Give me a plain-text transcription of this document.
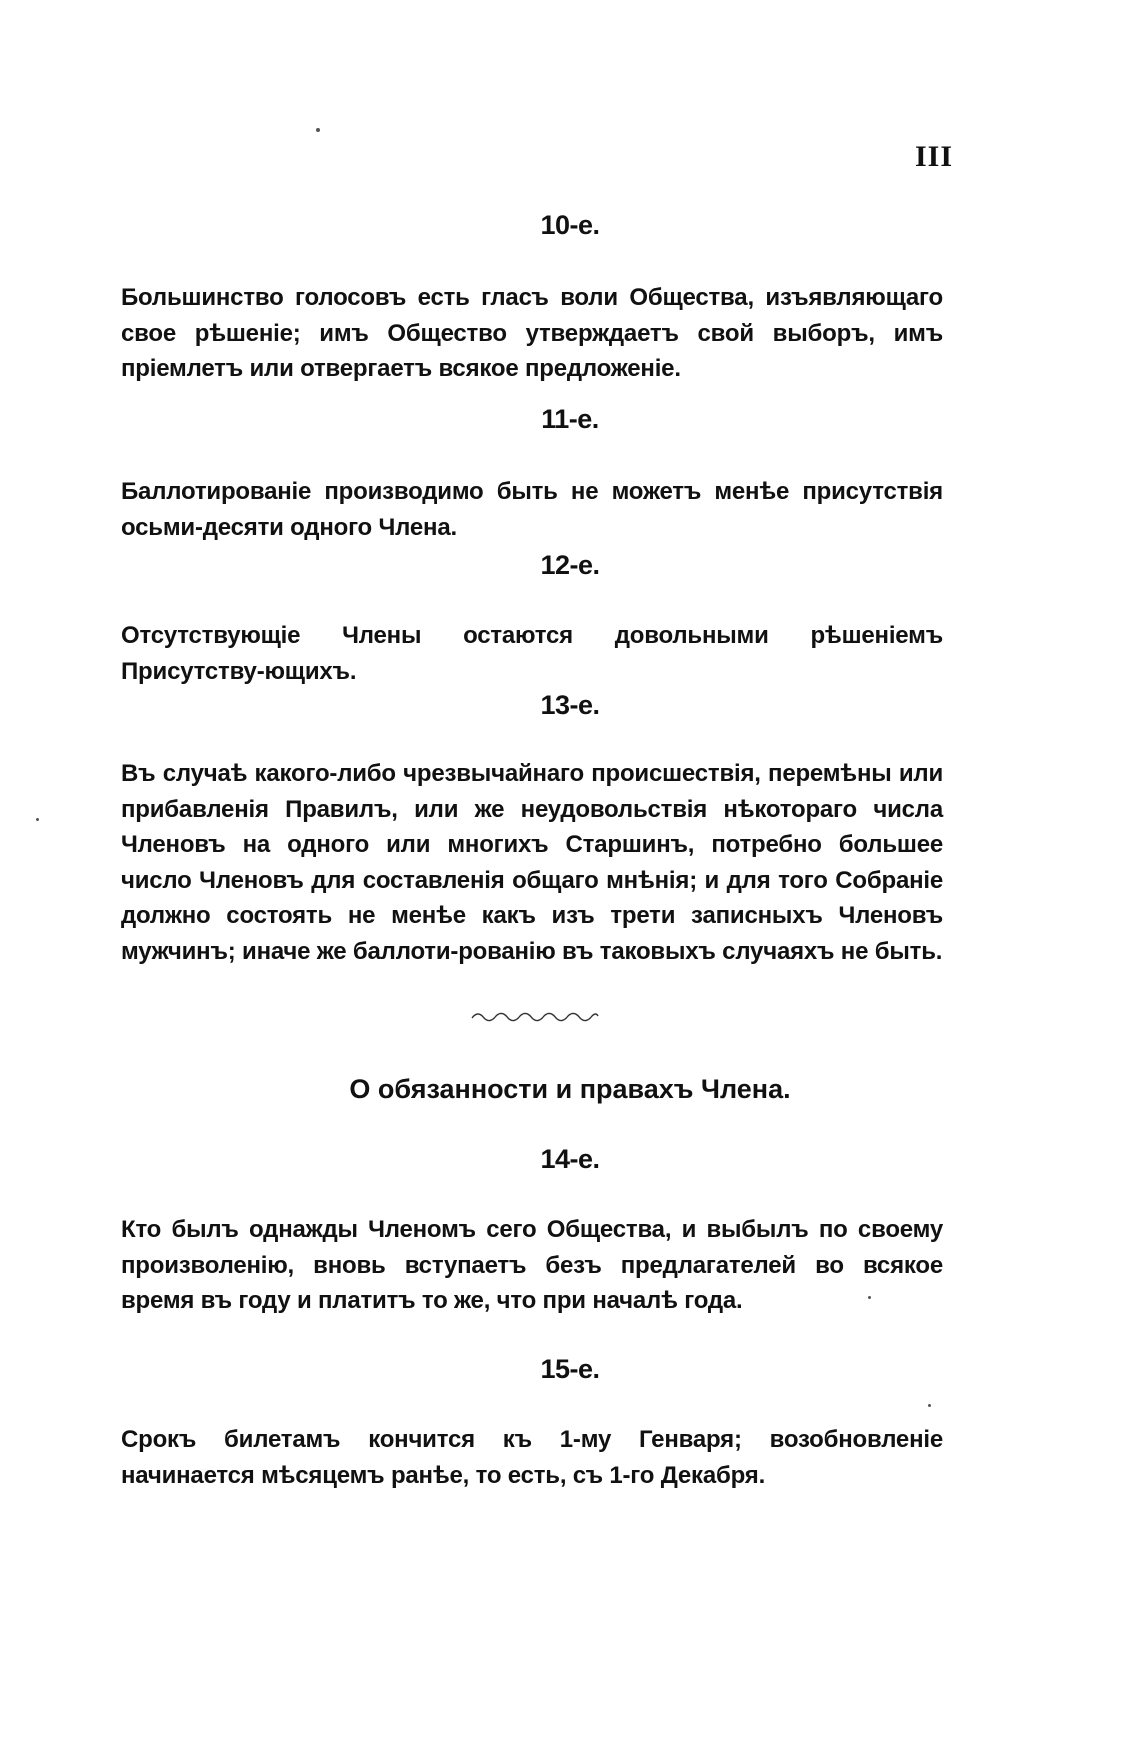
III
10-е.
Большинство голосовъ есть гласъ воли Общества, изъявляющаго свое рѣшеніе; имъ Общество утверждаетъ свой выборъ, имъ пріемлетъ или отвергаетъ всякое предложеніе.
11-е.
Баллотированіе производимо быть не можетъ менѣе присутствія осьми-десяти одного Члена.
12-е.
Отсутствующіе Члены остаются довольными рѣшеніемъ Присутству-ющихъ.
13-е.
Въ случаѣ какого-либо чрезвычайнаго происшествія, перемѣны или прибавленія Правилъ, или же неудовольствія нѣкотораго числа Членовъ на одного или многихъ Старшинъ, потребно большее число Членовъ для составленія общаго мнѣнія; и для того Собраніе должно состоять не менѣе какъ изъ трети записныхъ Членовъ мужчинъ; иначе же баллоти-рованію въ таковыхъ случаяхъ не быть.
О обязанности и правахъ Члена.
14-е.
Кто былъ однажды Членомъ сего Общества, и выбылъ по своему произволенію, вновь вступаетъ безъ предлагателей во всякое время въ году и платитъ то же, что при началѣ года.
15-е.
Срокъ билетамъ кончится къ 1-му Генваря; возобновленіе начинается мѣсяцемъ ранѣе, то есть, съ 1-го Декабря.
